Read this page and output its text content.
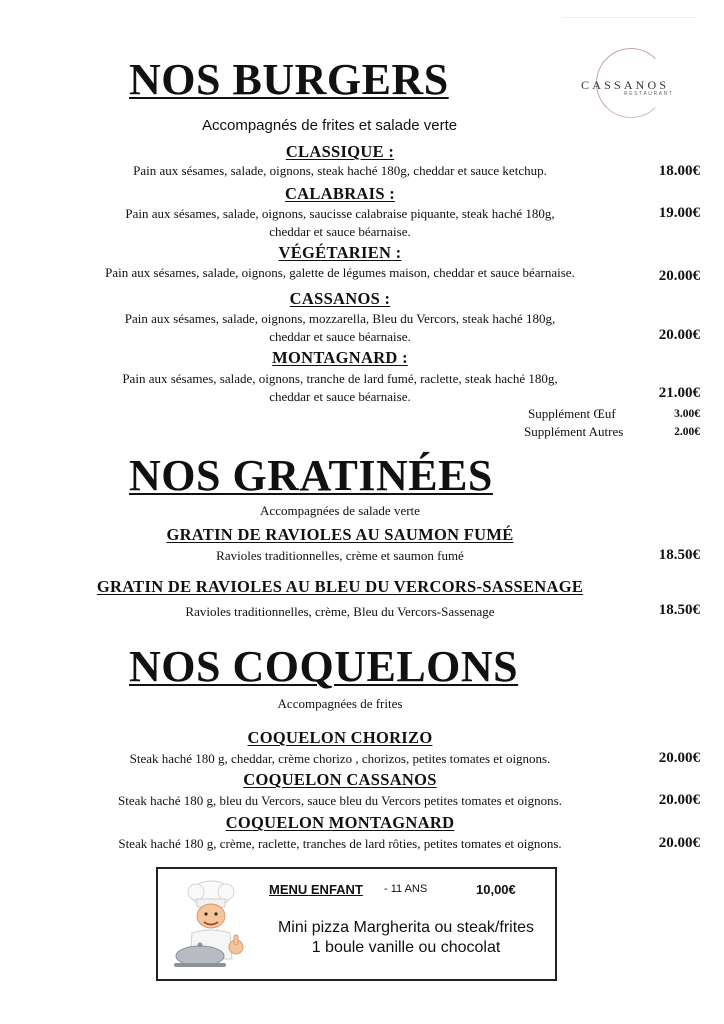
CASSANOS
RESTAURANT
NOS BURGERS
Accompagnés de frites et salade verte
CLASSIQUE :
Pain aux sésames, salade, oignons, steak haché 180g, cheddar et sauce ketchup.	18.00€
CALABRAIS :
Pain aux sésames, salade, oignons, saucisse calabraise piquante, steak haché 180g,
cheddar et sauce béarnaise.
19.00€
VÉGÉTARIEN :
Pain aux sésames, salade, oignons, galette de légumes maison, cheddar et sauce béarnaise.	20.00€
CASSANOS :
Pain aux sésames, salade, oignons, mozzarella, Bleu du Vercors, steak haché 180g,
cheddar et sauce béarnaise.	20.00€
MONTAGNARD :
Pain aux sésames, salade, oignons, tranche de lard fumé, raclette, steak haché 180g,
cheddar et sauce béarnaise.	21.00€
Supplément Œuf	3.00€
Supplément Autres	2.00€
NOS GRATINÉES
Accompagnées de salade verte
GRATIN DE RAVIOLES AU SAUMON FUMÉ
Ravioles traditionnelles, crème et saumon fumé	18.50€
GRATIN DE RAVIOLES AU BLEU DU VERCORS-SASSENAGE
Ravioles traditionnelles, crème, Bleu du Vercors-Sassenage	18.50€
NOS COQUELONS
Accompagnées de frites
COQUELON CHORIZO
Steak haché 180 g, cheddar, crème chorizo , chorizos, petites tomates et oignons.	20.00€
COQUELON CASSANOS
Steak haché 180 g, bleu du Vercors, sauce bleu du Vercors petites tomates et oignons.	20.00€
COQUELON MONTAGNARD
Steak haché 180 g, crème, raclette, tranches de lard rôties, petites tomates et oignons.	20.00€
MENU ENFANT - 11 ANS	10,00€
Mini pizza Margherita ou steak/frites
1 boule vanille ou chocolat
